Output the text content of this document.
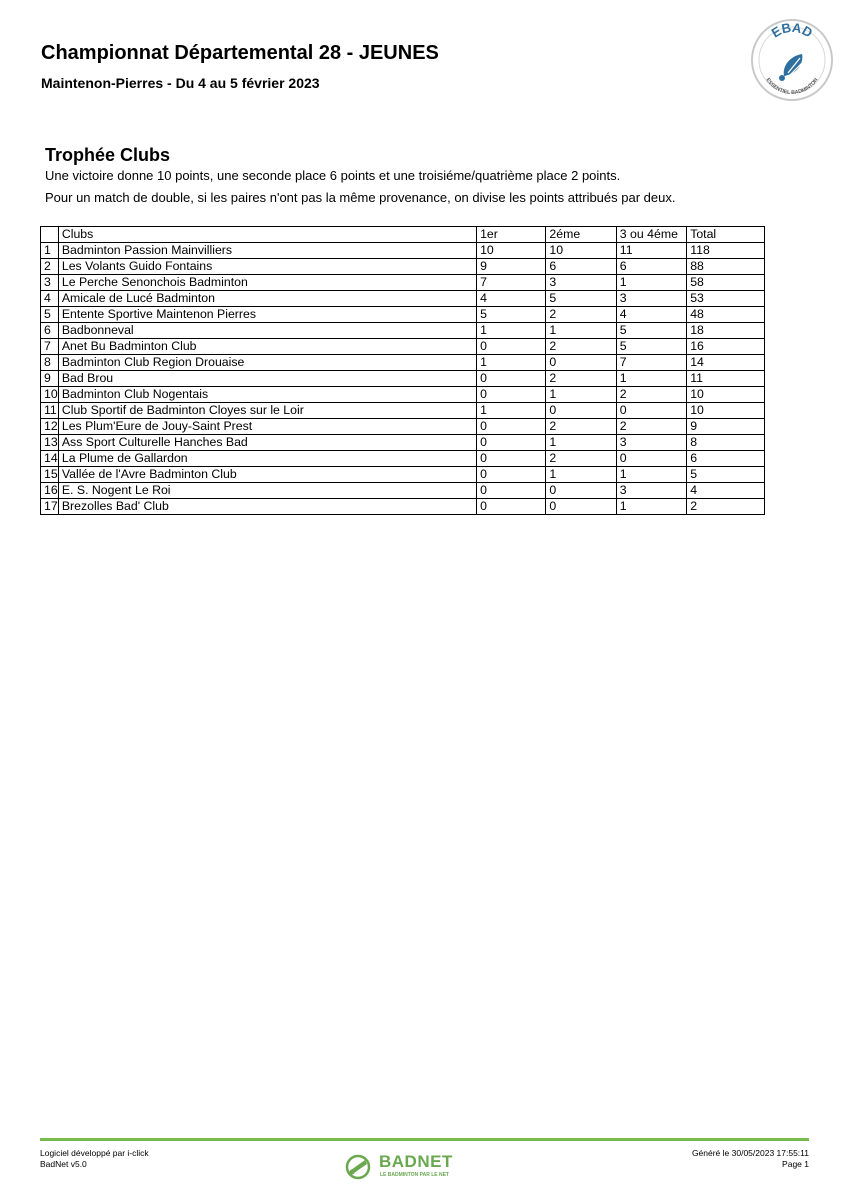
Championnat Départemental 28 - JEUNES
Maintenon-Pierres - Du 4 au 5 février 2023
EBAD
ESSENTIEL BADMINTON
Trophée Clubs

Une victoire donne 10 points, une seconde place 6 points et une troisiéme/quatrième place 2 points.

Pour un match de double, si les paires n'ont pas la même provenance, on divise les points attribués par deux.

	Clubs	1er	2éme	3 ou 4éme	Total
1	Badminton Passion Mainvilliers	10	10	11	118
2	Les Volants Guido Fontains	9	6	6	88
3	Le Perche Senonchois Badminton	7	3	1	58
4	Amicale de Lucé Badminton	4	5	3	53
5	Entente Sportive Maintenon Pierres	5	2	4	48
6	Badbonneval	1	1	5	18
7	Anet Bu Badminton Club	0	2	5	16
8	Badminton Club Region Drouaise	1	0	7	14
9	Bad Brou	0	2	1	11
10	Badminton Club Nogentais	0	1	2	10
11	Club Sportif de Badminton Cloyes sur le Loir	1	0	0	10
12	Les Plum'Eure de Jouy-Saint Prest	0	2	2	9
13	Ass Sport Culturelle Hanches Bad	0	1	3	8
14	La Plume de Gallardon	0	2	0	6
15	Vallée de l'Avre Badminton Club	0	1	1	5
16	E. S. Nogent Le Roi	0	0	3	4
17	Brezolles Bad' Club	0	0	1	2

Logiciel développé par i-click

BadNet v5.0

Généré le 30/05/2023 17:55:11

Page 1

BADNET
LE BADMINTON PAR LE NET
